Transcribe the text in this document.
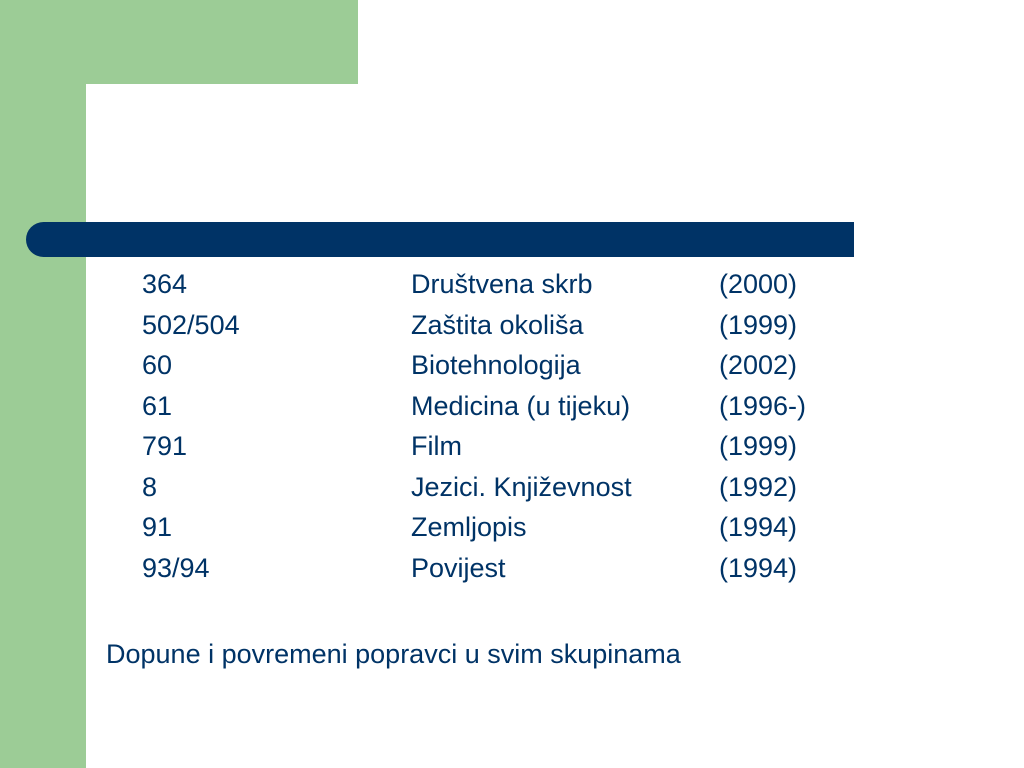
364	Društvena skrb	(2000)
502/504	Zaštita okoliša	(1999)
60	Biotehnologija	(2002)
61	Medicina (u tijeku)	(1996-)
791	Film	(1999)
8	Jezici. Književnost	(1992)
91	Zemljopis	(1994)
93/94	Povijest	(1994)
Dopune i povremeni popravci u svim skupinama
